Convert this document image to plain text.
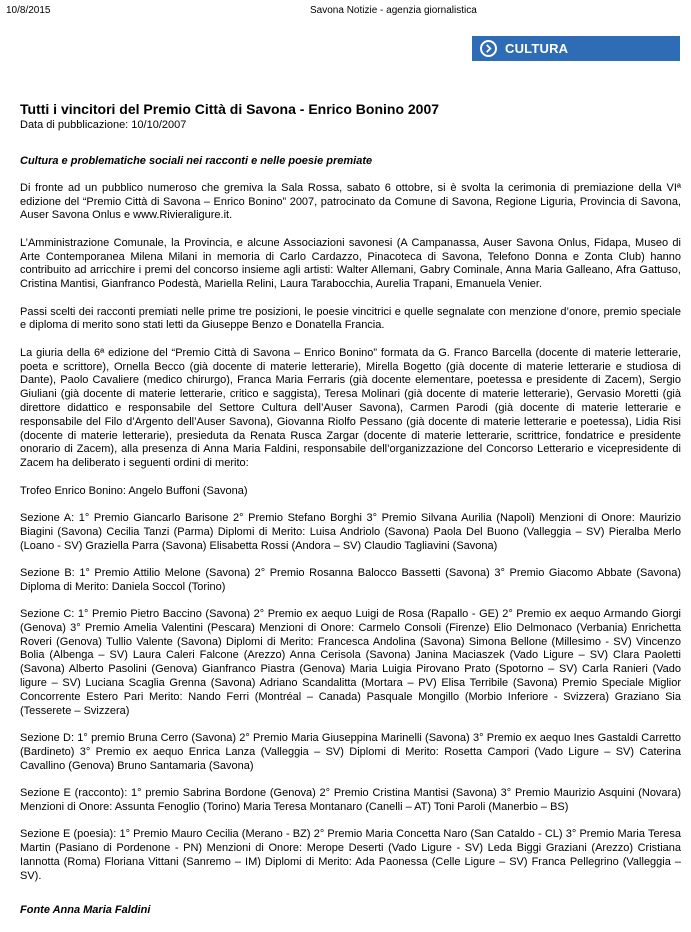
10/8/2015	Savona Notizie - agenzia giornalistica
CULTURA
Tutti i vincitori del Premio Città di Savona - Enrico Bonino 2007
Data di pubblicazione: 10/10/2007

Cultura e problematiche sociali nei racconti e nelle poesie premiate

Di fronte ad un pubblico numeroso che gremiva la Sala Rossa, sabato 6 ottobre, si è svolta la cerimonia di premiazione della VIª edizione del “Premio Città di Savona – Enrico Bonino” 2007, patrocinato da Comune di Savona, Regione Liguria, Provincia di Savona, Auser Savona Onlus e www.Rivieraligure.it.

L’Amministrazione Comunale, la Provincia, e alcune Associazioni savonesi (A Campanassa, Auser Savona Onlus, Fidapa, Museo di Arte Contemporanea Milena Milani in memoria di Carlo Cardazzo, Pinacoteca di Savona, Telefono Donna e Zonta Club) hanno contribuito ad arricchire i premi del concorso insieme agli artisti: Walter Allemani, Gabry Cominale, Anna Maria Galleano, Afra Gattuso, Cristina Mantisi, Gianfranco Podestà, Mariella Relini, Laura Tarabocchia, Aurelia Trapani, Emanuela Venier.

Passi scelti dei racconti premiati nelle prime tre posizioni, le poesie vincitrici e quelle segnalate con menzione d’onore, premio speciale e diploma di merito sono stati letti da Giuseppe Benzo e Donatella Francia.

La giuria della 6ª edizione del “Premio Città di Savona – Enrico Bonino” formata da G. Franco Barcella (docente di materie letterarie, poeta e scrittore), Ornella Becco (già docente di materie letterarie), Mirella Bogetto (già docente di materie letterarie e studiosa di Dante), Paolo Cavaliere (medico chirurgo), Franca Maria Ferraris (già docente elementare, poetessa e presidente di Zacem), Sergio Giuliani (già docente di materie letterarie, critico e saggista), Teresa Molinari (già docente di materie letterarie), Gervasio Moretti (già direttore didattico e responsabile del Settore Cultura dell’Auser Savona), Carmen Parodi (già docente di materie letterarie e responsabile del Filo d’Argento dell’Auser Savona), Giovanna Riolfo Pessano (già docente di materie letterarie e poetessa), Lidia Risi (docente di materie letterarie), presieduta da Renata Rusca Zargar (docente di materie letterarie, scrittrice, fondatrice e presidente onorario di Zacem), alla presenza di Anna Maria Faldini, responsabile dell’organizzazione del Concorso Letterario e vicepresidente di Zacem ha deliberato i seguenti ordini di merito:

Trofeo Enrico Bonino: Angelo Buffoni (Savona)

Sezione A: 1° Premio Giancarlo Barisone 2° Premio Stefano Borghi 3° Premio Silvana Aurilia (Napoli) Menzioni di Onore: Maurizio Biagini (Savona) Cecilia Tanzi (Parma) Diplomi di Merito: Luisa Andriolo (Savona) Paola Del Buono (Valleggia – SV) Pieralba Merlo (Loano - SV) Graziella Parra (Savona) Elisabetta Rossi (Andora – SV) Claudio Tagliavini (Savona)

Sezione B: 1° Premio Attilio Melone (Savona) 2° Premio Rosanna Balocco Bassetti (Savona) 3° Premio Giacomo Abbate (Savona) Diploma di Merito: Daniela Soccol (Torino)

Sezione C: 1° Premio Pietro Baccino (Savona) 2° Premio ex aequo Luigi de Rosa (Rapallo - GE) 2° Premio ex aequo Armando Giorgi (Genova) 3° Premio Amelia Valentini (Pescara) Menzioni di Onore: Carmelo Consoli (Firenze) Elio Delmonaco (Verbania) Enrichetta Roveri (Genova) Tullio Valente (Savona) Diplomi di Merito: Francesca Andolina (Savona) Simona Bellone (Millesimo - SV) Vincenzo Bolia (Albenga – SV) Laura Caleri Falcone (Arezzo) Anna Cerisola (Savona) Janina Maciaszek (Vado Ligure – SV) Clara Paoletti (Savona) Alberto Pasolini (Genova) Gianfranco Piastra (Genova) Maria Luigia Pirovano Prato (Spotorno – SV) Carla Ranieri (Vado ligure – SV) Luciana Scaglia Grenna (Savona) Adriano Scandalitta (Mortara – PV) Elisa Terribile (Savona) Premio Speciale Miglior Concorrente Estero Pari Merito: Nando Ferri (Montréal – Canada) Pasquale Mongillo (Morbio Inferiore - Svizzera) Graziano Sia (Tesserete – Svizzera)

Sezione D: 1° premio Bruna Cerro (Savona) 2° Premio Maria Giuseppina Marinelli (Savona) 3° Premio ex aequo Ines Gastaldi Carretto (Bardineto) 3° Premio ex aequo Enrica Lanza (Valleggia – SV) Diplomi di Merito: Rosetta Campori (Vado Ligure – SV) Caterina Cavallino (Genova) Bruno Santamaria (Savona)

Sezione E (racconto): 1° premio Sabrina Bordone (Genova) 2° Premio Cristina Mantisi (Savona) 3° Premio Maurizio Asquini (Novara) Menzioni di Onore: Assunta Fenoglio (Torino) Maria Teresa Montanaro (Canelli – AT) Toni Paroli (Manerbio – BS)

Sezione E (poesia): 1° Premio Mauro Cecilia (Merano - BZ) 2° Premio Maria Concetta Naro (San Cataldo - CL) 3° Premio Maria Teresa Martin (Pasiano di Pordenone - PN) Menzioni di Onore: Merope Deserti (Vado Ligure - SV) Leda Biggi Graziani (Arezzo) Cristiana Iannotta (Roma) Floriana Vittani (Sanremo – IM) Diplomi di Merito: Ada Paonessa (Celle Ligure – SV) Franca Pellegrino (Valleggia – SV).

Fonte Anna Maria Faldini
